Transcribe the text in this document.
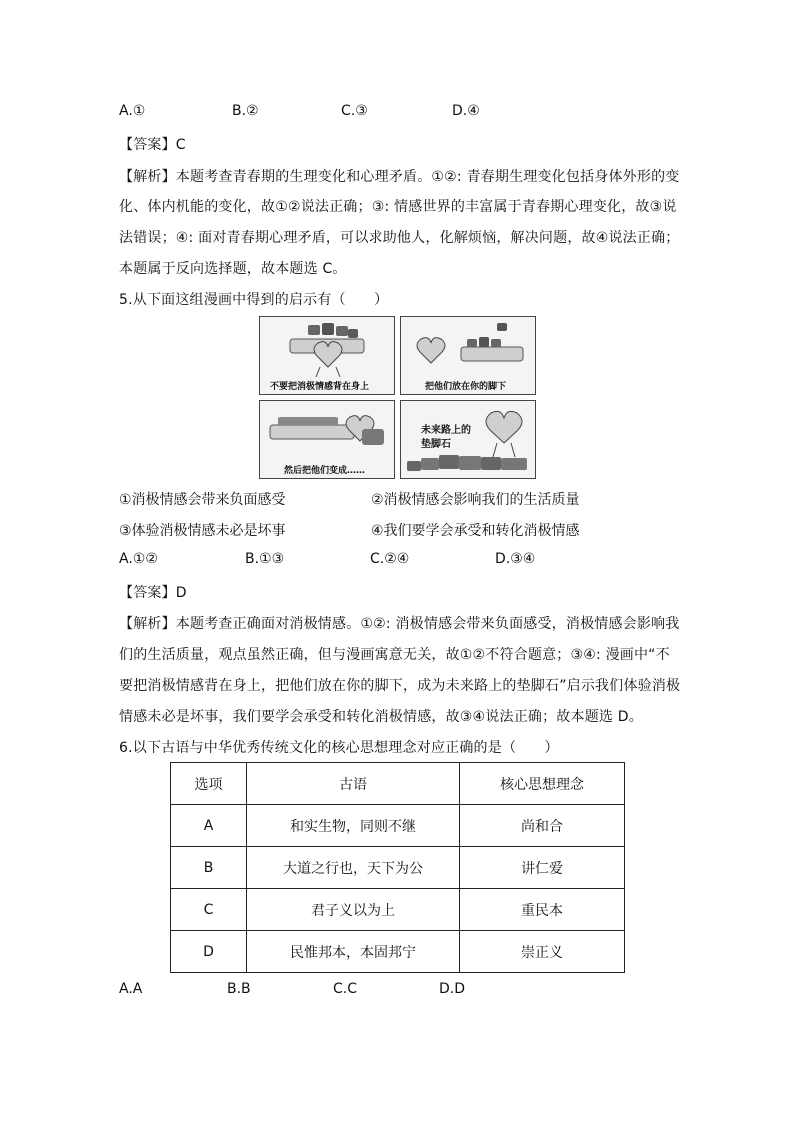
A.①	B.②	C.③	D.④
【答案】C
【解析】本题考查青春期的生理变化和心理矛盾。①②: 青春期生理变化包括身体外形的变
化、体内机能的变化，故①②说法正确；③: 情感世界的丰富属于青春期心理变化，故③说
法错误；④: 面对青春期心理矛盾，可以求助他人，化解烦恼，解决问题，故④说法正确；
本题属于反向选择题，故本题选 C。
5.从下面这组漫画中得到的启示有（　　）
不要把消极情感背在身上	把他们放在你的脚下
然后把他们变成……
未来路上的
垫脚石
①消极情感会带来负面感受	②消极情感会影响我们的生活质量
③体验消极情感未必是坏事	④我们要学会承受和转化消极情感
A.①②	B.①③	C.②④	D.③④
【答案】D
【解析】本题考查正确面对消极情感。①②: 消极情感会带来负面感受，消极情感会影响我
们的生活质量，观点虽然正确，但与漫画寓意无关，故①②不符合题意；③④: 漫画中“不
要把消极情感背在身上，把他们放在你的脚下，成为未来路上的垫脚石”启示我们体验消极
情感未必是坏事，我们要学会承受和转化消极情感，故③④说法正确；故本题选 D。
6.以下古语与中华优秀传统文化的核心思想理念对应正确的是（　　）
选项	古语	核心思想理念
A	和实生物，同则不继	尚和合
B	大道之行也，天下为公	讲仁爱
C	君子义以为上	重民本
D	民惟邦本，本固邦宁	崇正义
A.A	B.B	C.C	D.D
